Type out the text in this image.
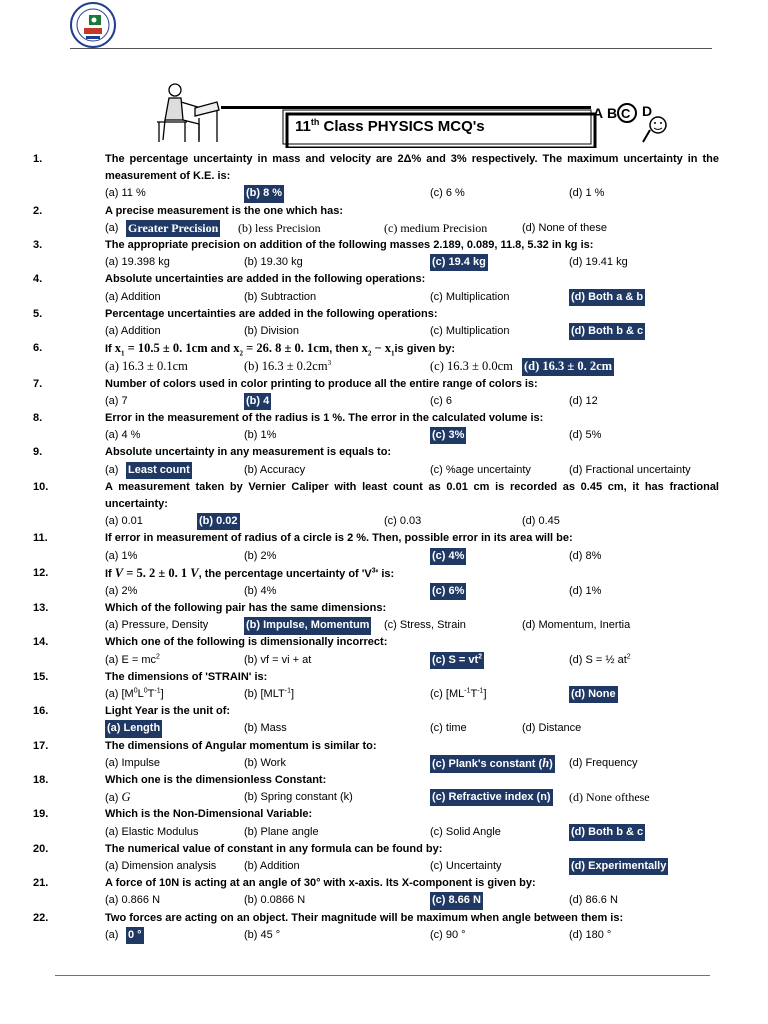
A B C D
11th Class PHYSICS MCQ's
1.	The percentage uncertainty in mass and velocity are 2Δ% and 3% respectively. The maximum uncertainty in the measurement of K.E. is:
(a) 11 %	(b) 8 %	(c) 6 %	(d) 1 %
2.	A precise measurement is the one which has:
(a) Greater Precision (b) less Precision	(c) medium Precision	(d) None of these
3.	The appropriate precision on addition of the following masses 2.189, 0.089, 11.8, 5.32 in kg is:
(a) 19.398 kg	(b) 19.30 kg	(c) 19.4 kg	(d) 19.41 kg
4.	Absolute uncertainties are added in the following operations:
(a) Addition	(b) Subtraction	(c) Multiplication	(d) Both a & b
5.	Percentage uncertainties are added in the following operations:
(a) Addition	(b) Division	(c) Multiplication	(d) Both b & c
6.	If $x_1 = 10.5 \pm 0$. 1cm and $x_2 = 26$. 8 ± 0. 1cm, then $x_2 - x_1is$ given by:
(a) 16.3 ± 0.1cm	(b) $16.3 \pm 0.2cm^3$	(c) 16.3 ± 0.0cm (d) 16.3 ± 0. 2cm
7.	Number of colors used in color printing to produce all the entire range of colors is:
(a) 7	(b) 4	(c) 6	(d) 12
8.	Error in the measurement of the radius is 1 %. The error in the calculated volume is:
(a) 4 %	(b) 1%	(c) 3%	(d) 5%
9.	Absolute uncertainty in any measurement is equals to:
(a) Least count	(b) Accuracy	(c) %age uncertainty	(d) Fractional uncertainty
10.	A measurement taken by Vernier Caliper with least count as 0.01 cm is recorded as 0.45 cm, it has fractional uncertainty:
(a) 0.01	(b) 0.02	(c) 0.03	(d) 0.45
11.	If error in measurement of radius of a circle is 2 %. Then, possible error in its area will be:
(a) 1%	(b) 2%	(c) 4%	(d) 8%
12.	If V = 5. 2 ± 0. 1 V, the percentage uncertainty of '$V^3$' is:
(a) 2%	(b) 4%	(c) 6%	(d) 1%
13.	Which of the following pair has the same dimensions:
(a) Pressure, Density	(b) Impulse, Momentum (c) Stress, Strain	(d) Momentum, Inertia
14.	Which one of the following is dimensionally incorrect:
(a) $E = mc^2$	(b) vf = vi + at	(c) $S = vt^2$	(d) S = ½ $at^2$
15.	The dimensions of 'STRAIN' is:
(a) $[M^0L^0T^{-1}]$	(b) $[MLT^{-1}]$	(c) $[ML^{-1}T^{-1}]$	(d) None
16.	Light Year is the unit of:
(a) Length	(b) Mass	(c) time	(d) Distance
17.	The dimensions of Angular momentum is similar to:
(a) Impulse	(b) Work	(c) Plank's constant (h) (d) Frequency
18.	Which one is the dimensionless Constant:
(a) G	(b) Spring constant (k)	(c) Refractive index (n) (d) None ofthese
19.	Which is the Non-Dimensional Variable:
(a) Elastic Modulus	(b) Plane angle	(c) Solid Angle	(d) Both b & c
20.	The numerical value of constant in any formula can be found by:
(a) Dimension analysis	(b) Addition	(c) Uncertainty	(d) Experimentally
21.	A force of 10N is acting at an angle of 30° with x-axis. Its X-component is given by:
(a) 0.866 N	(b) 0.0866 N	(c) 8.66 N	(d) 86.6 N
22.	Two forces are acting on an object. Their magnitude will be maximum when angle between them is:
(a) 0 °	(b) 45 °	(c) 90 °	(d) 180 °
